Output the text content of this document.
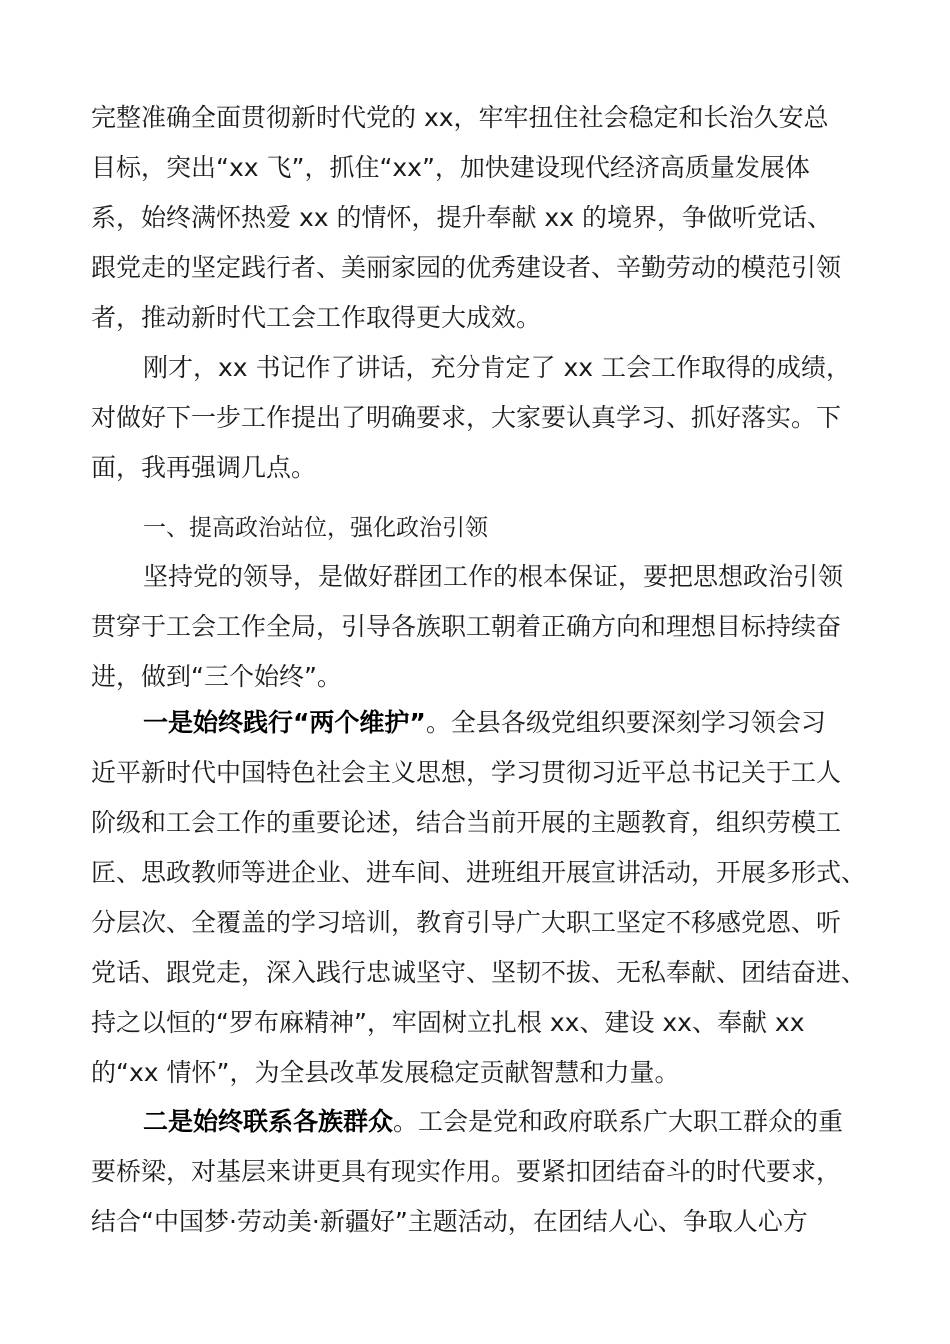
完整准确全面贯彻新时代党的 xx，牢牢扭住社会稳定和长治久安总
目标，突出“xx 飞”，抓住“xx”，加快建设现代经济高质量发展体
系，始终满怀热爱 xx 的情怀，提升奉献 xx 的境界，争做听党话、
跟党走的坚定践行者、美丽家园的优秀建设者、辛勤劳动的模范引领
者，推动新时代工会工作取得更大成效。
刚才，xx 书记作了讲话，充分肯定了 xx 工会工作取得的成绩，
对做好下一步工作提出了明确要求，大家要认真学习、抓好落实。下
面，我再强调几点。
一、提高政治站位，强化政治引领
坚持党的领导，是做好群团工作的根本保证，要把思想政治引领
贯穿于工会工作全局，引导各族职工朝着正确方向和理想目标持续奋
进，做到“三个始终”。
一是始终践行“两个维护”。全县各级党组织要深刻学习领会习
近平新时代中国特色社会主义思想，学习贯彻习近平总书记关于工人
阶级和工会工作的重要论述，结合当前开展的主题教育，组织劳模工
匠、思政教师等进企业、进车间、进班组开展宣讲活动，开展多形式、
分层次、全覆盖的学习培训，教育引导广大职工坚定不移感党恩、听
党话、跟党走，深入践行忠诚坚守、坚韧不拔、无私奉献、团结奋进、
持之以恒的“罗布麻精神”，牢固树立扎根 xx、建设 xx、奉献 xx
的“xx 情怀”，为全县改革发展稳定贡献智慧和力量。
二是始终联系各族群众。工会是党和政府联系广大职工群众的重
要桥梁，对基层来讲更具有现实作用。要紧扣团结奋斗的时代要求，
结合“中国梦·劳动美·新疆好”主题活动，在团结人心、争取人心方
